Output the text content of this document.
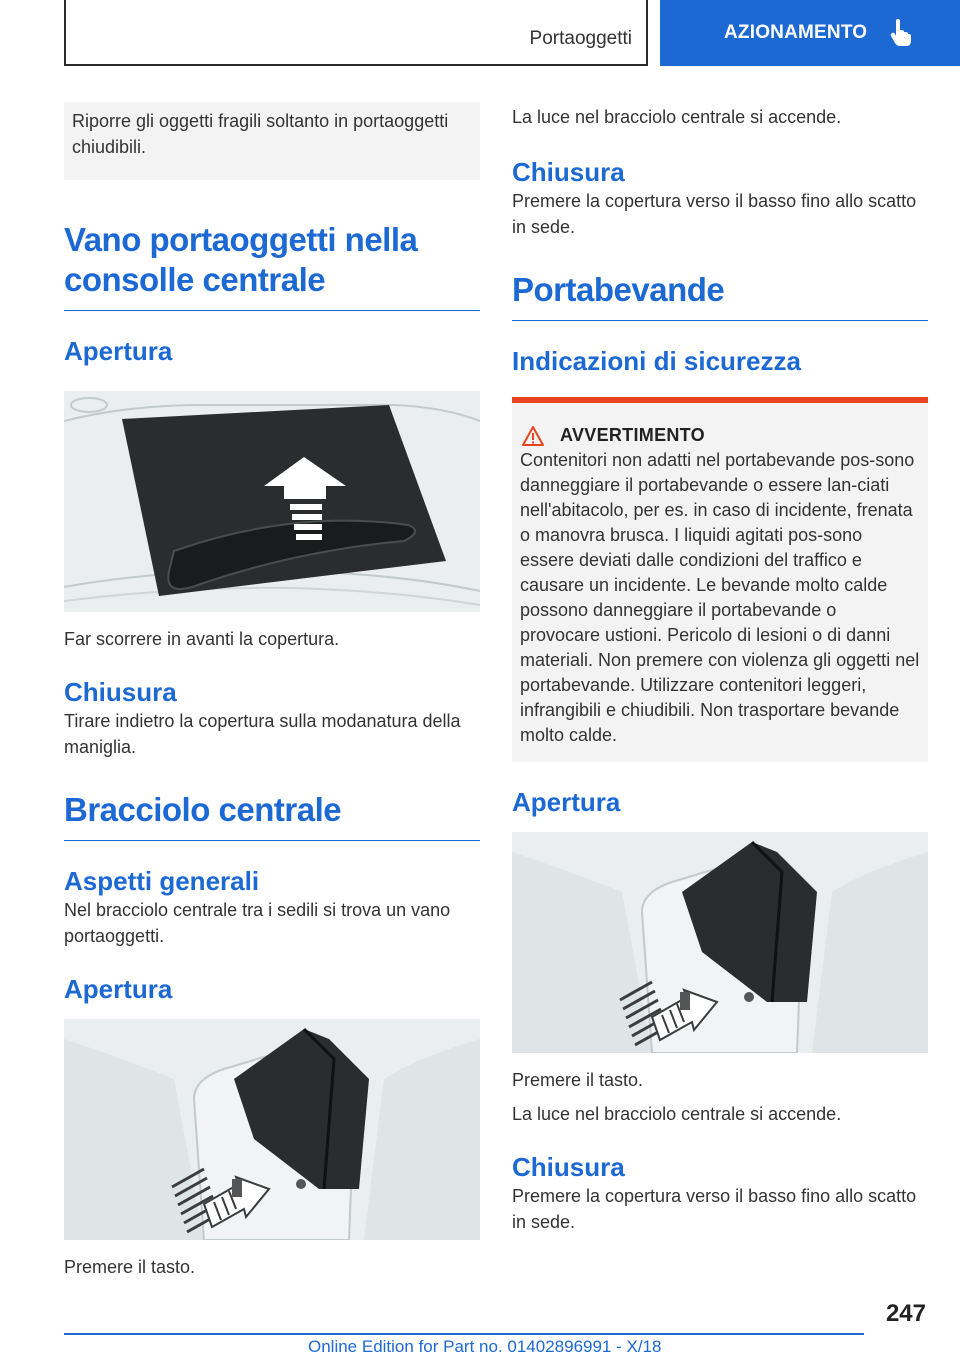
Portaoggetti	AZIONAMENTO
Riporre gli oggetti fragili soltanto in portaoggetti chiudibili.
Vano portaoggetti nella consolle centrale
Apertura
Far scorrere in avanti la copertura.
Chiusura
Tirare indietro la copertura sulla modanatura della maniglia.
Bracciolo centrale
Aspetti generali
Nel bracciolo centrale tra i sedili si trova un vano portaoggetti.
Apertura
Premere il tasto.
La luce nel bracciolo centrale si accende.
Chiusura
Premere la copertura verso il basso fino allo scatto in sede.
Portabevande
Indicazioni di sicurezza
AVVERTIMENTO
Contenitori non adatti nel portabevande pos-sono danneggiare il portabevande o essere lan-ciati nell'abitacolo, per es. in caso di incidente, frenata o manovra brusca. I liquidi agitati pos-sono essere deviati dalle condizioni del traffico e causare un incidente. Le bevande molto calde possono danneggiare il portabevande o provocare ustioni. Pericolo di lesioni o di danni materiali. Non premere con violenza gli oggetti nel portabevande. Utilizzare contenitori leggeri, infrangibili e chiudibili. Non trasportare bevande molto calde.
Apertura
Premere il tasto.
La luce nel bracciolo centrale si accende.
Chiusura
Premere la copertura verso il basso fino allo scatto in sede.
247
Online Edition for Part no. 01402896991 - X/18
